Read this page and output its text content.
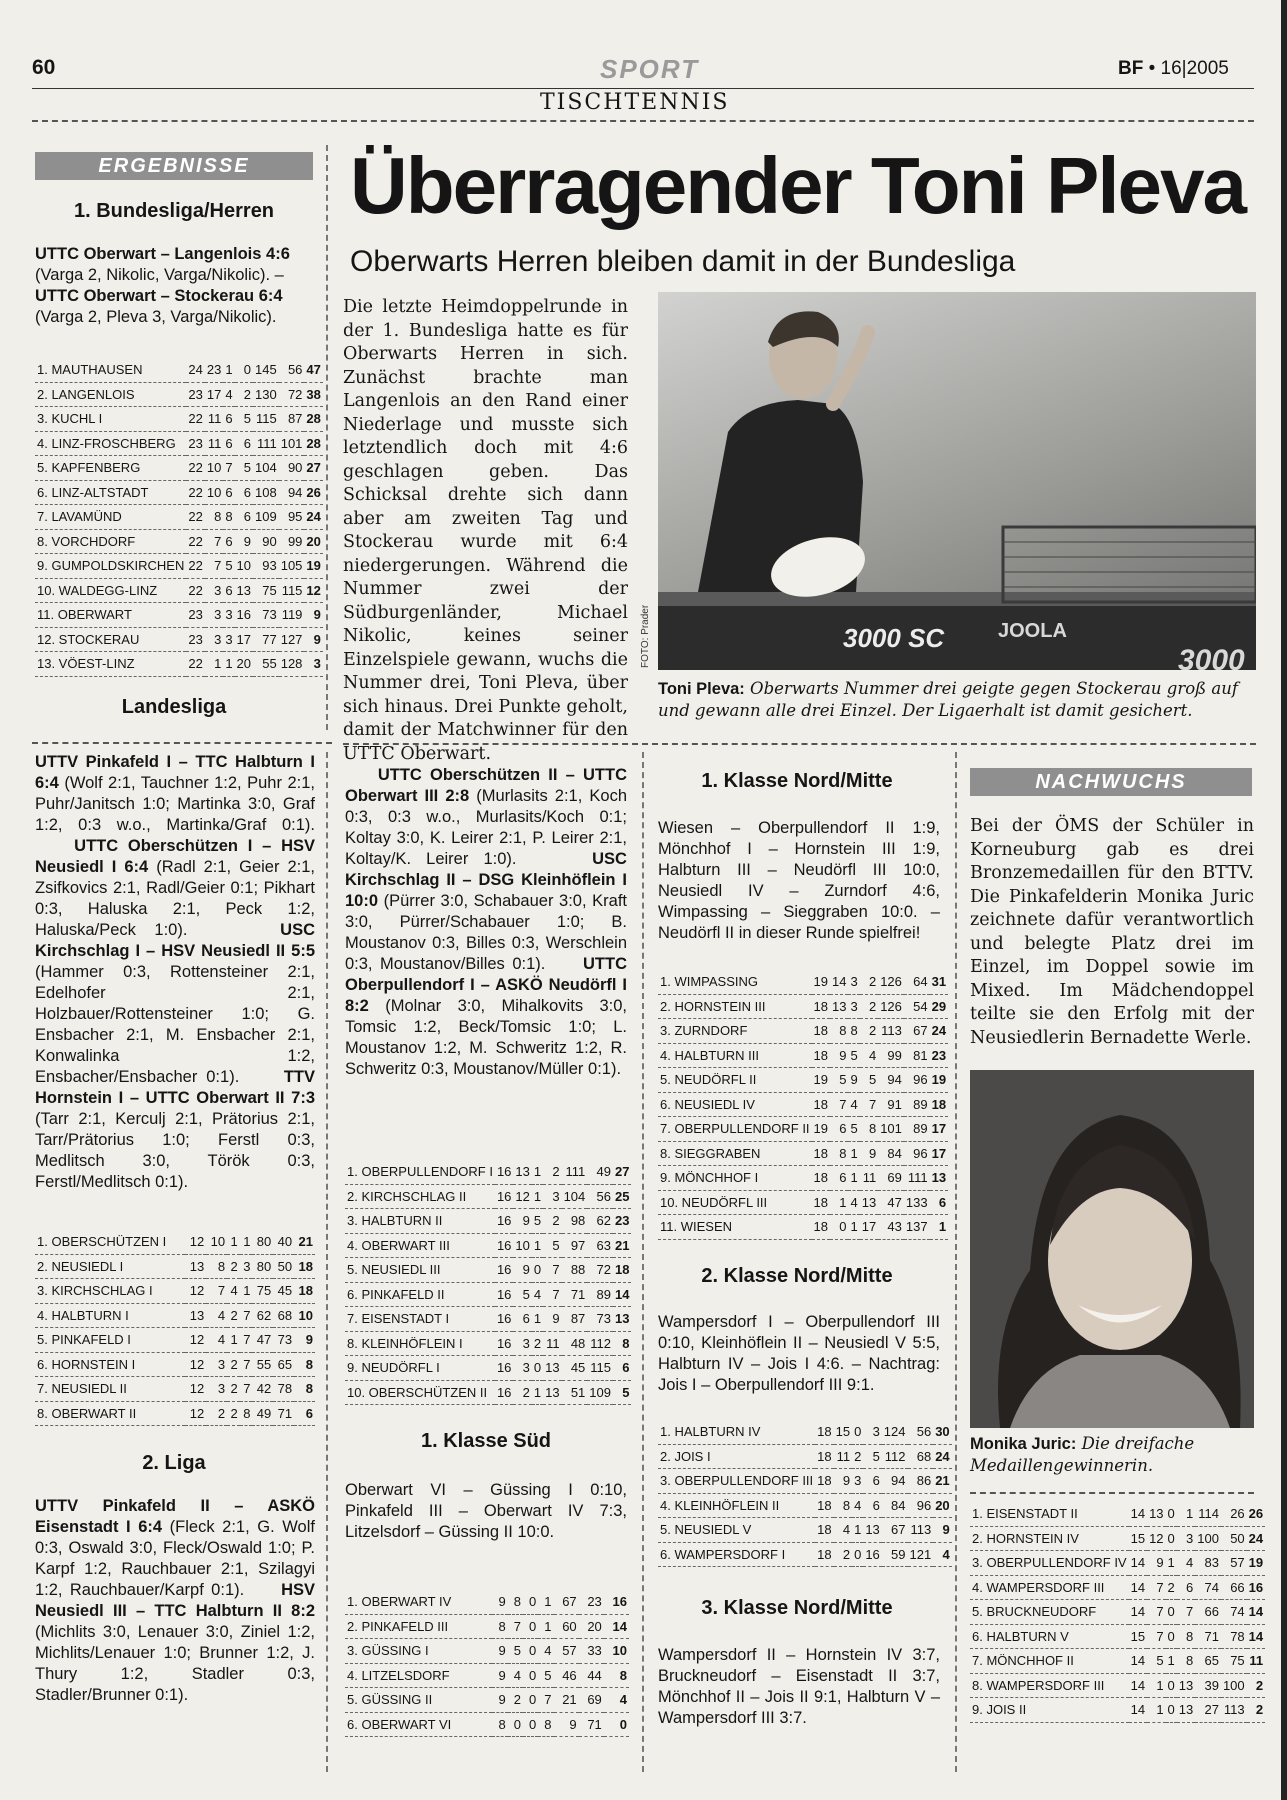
60	SPORT	BF • 16|2005
TISCHTENNIS
ERGEBNISSE
1. Bundesliga/Herren
UTTC Oberwart – Langenlois 4:6 (Varga 2, Nikolic, Varga/Nikolic). – UTTC Oberwart – Stockerau 6:4 (Varga 2, Pleva 3, Varga/Nikolic).
1. MAUTHAUSEN	24	23	1	0	145	56	47
2. LANGENLOIS	23	17	4	2	130	72	38
3. KUCHL I	22	11	6	5	115	87	28
4. LINZ-FROSCHBERG	23	11	6	6	111	101	28
5. KAPFENBERG	22	10	7	5	104	90	27
6. LINZ-ALTSTADT	22	10	6	6	108	94	26
7. LAVAMÜND	22	8	8	6	109	95	24
8. VORCHDORF	22	7	6	9	90	99	20
9. GUMPOLDSKIRCHEN	22	7	5	10	93	105	19
10. WALDEGG-LINZ	22	3	6	13	75	115	12
11. OBERWART	23	3	3	16	73	119	9
12. STOCKERAU	23	3	3	17	77	127	9
13. VÖEST-LINZ	22	1	1	20	55	128	3
Landesliga
UTTV Pinkafeld I – TTC Halbturn I 6:4 (Wolf 2:1, Tauchner 1:2, Puhr 2:1, Puhr/Janitsch 1:0; Martinka 3:0, Graf 1:2, 0:3 w.o., Martinka/Graf 0:1).     UTTC Oberschützen I – HSV Neusiedl I 6:4 (Radl 2:1, Geier 2:1, Zsifkovics 2:1, Radl/Geier 0:1; Pikhart 0:3, Haluska 2:1, Peck 1:2, Haluska/Peck 1:0).     USC Kirchschlag I – HSV Neusiedl II 5:5 (Hammer 0:3, Rottensteiner 2:1, Edelhofer 2:1, Holzbauer/Rottensteiner 1:0; G. Ensbacher 2:1, M. Ensbacher 2:1, Konwalinka 1:2, Ensbacher/Ensbacher 0:1).     TTV Hornstein I – UTTC Oberwart II 7:3 (Tarr 2:1, Kerculj 2:1, Prätorius 2:1, Tarr/Prätorius 1:0; Ferstl 0:3, Medlitsch 3:0, Török 0:3, Ferstl/Medlitsch 0:1).
1. OBERSCHÜTZEN I	12	10	1	1	80	40	21
2. NEUSIEDL I	13	8	2	3	80	50	18
3. KIRCHSCHLAG I	12	7	4	1	75	45	18
4. HALBTURN I	13	4	2	7	62	68	10
5. PINKAFELD I	12	4	1	7	47	73	9
6. HORNSTEIN I	12	3	2	7	55	65	8
7. NEUSIEDL II	12	3	2	7	42	78	8
8. OBERWART II	12	2	2	8	49	71	6
2. Liga
UTTV Pinkafeld II – ASKÖ Eisenstadt I 6:4 (Fleck 2:1, G. Wolf 0:3, Oswald 3:0, Fleck/Oswald 1:0; P. Karpf 1:2, Rauchbauer 2:1, Szilagyi 1:2, Rauchbauer/Karpf 0:1).     HSV Neusiedl III – TTC Halbturn II 8:2 (Michlits 3:0, Lenauer 3:0, Ziniel 1:2, Michlits/Lenauer 1:0; Brunner 1:2, J. Thury 1:2, Stadler 0:3, Stadler/Brunner 0:1).
Überragender Toni Pleva
Oberwarts Herren bleiben damit in der Bundesliga
Die letzte Heimdoppelrunde in der 1. Bundesliga hatte es für Oberwarts Herren in sich. Zunächst brachte man Langenlois an den Rand einer Niederlage und musste sich letztendlich doch mit 4:6 geschlagen geben. Das Schicksal drehte sich dann aber am zweiten Tag und Stockerau wurde mit 6:4 niedergerungen. Während die Nummer zwei der Südburgenländer, Michael Nikolic, keines seiner Einzelspiele gewann, wuchs die Nummer drei, Toni Pleva, über sich hinaus. Drei Punkte geholt, damit der Matchwinner für den UTTC Oberwart.
3000 SC	JOOLA
3000
FOTO: Prader
Toni Pleva: Oberwarts Nummer drei geigte gegen Stockerau groß auf und gewann alle drei Einzel. Der Ligaerhalt ist damit gesichert.
UTTC Oberschützen II – UTTC Oberwart III 2:8 (Murlasits 2:1, Koch 0:3, 0:3 w.o., Murlasits/Koch 0:1; Koltay 3:0, K. Leirer 2:1, P. Leirer 2:1, Koltay/K. Leirer 1:0).     USC Kirchschlag II – DSG Kleinhöflein I 10:0 (Pürrer 3:0, Schabauer 3:0, Kraft 3:0, Pürrer/Schabauer 1:0; B. Moustanov 0:3, Billes 0:3, Werschlein 0:3, Moustanov/Billes 0:1).     UTTC Oberpullendorf I – ASKÖ Neudörfl I 8:2 (Molnar 3:0, Mihalkovits 3:0, Tomsic 1:2, Beck/Tomsic 1:0; L. Moustanov 1:2, M. Schweritz 1:2, R. Schweritz 0:3, Moustanov/Müller 0:1).
1. OBERPULLENDORF I	16	13	1	2	111	49	27
2. KIRCHSCHLAG II	16	12	1	3	104	56	25
3. HALBTURN II	16	9	5	2	98	62	23
4. OBERWART III	16	10	1	5	97	63	21
5. NEUSIEDL III	16	9	0	7	88	72	18
6. PINKAFELD II	16	5	4	7	71	89	14
7. EISENSTADT I	16	6	1	9	87	73	13
8. KLEINHÖFLEIN I	16	3	2	11	48	112	8
9. NEUDÖRFL I	16	3	0	13	45	115	6
10. OBERSCHÜTZEN II	16	2	1	13	51	109	5
1. Klasse Süd
Oberwart VI – Güssing I 0:10, Pinkafeld III – Oberwart IV 7:3, Litzelsdorf – Güssing II 10:0.
1. OBERWART IV	9	8	0	1	67	23	16
2. PINKAFELD III	8	7	0	1	60	20	14
3. GÜSSING I	9	5	0	4	57	33	10
4. LITZELSDORF	9	4	0	5	46	44	8
5. GÜSSING II	9	2	0	7	21	69	4
6. OBERWART VI	8	0	0	8	9	71	0
1. Klasse Nord/Mitte
Wiesen – Oberpullendorf II 1:9, Mönchhof I – Hornstein III 1:9, Halbturn III – Neudörfl III 10:0, Neusiedl IV – Zurndorf 4:6, Wimpassing – Sieggraben 10:0. – Neudörfl II in dieser Runde spielfrei!
1. WIMPASSING	19	14	3	2	126	64	31
2. HORNSTEIN III	18	13	3	2	126	54	29
3. ZURNDORF	18	8	8	2	113	67	24
4. HALBTURN III	18	9	5	4	99	81	23
5. NEUDÖRFL II	19	5	9	5	94	96	19
6. NEUSIEDL IV	18	7	4	7	91	89	18
7. OBERPULLENDORF II	19	6	5	8	101	89	17
8. SIEGGRABEN	18	8	1	9	84	96	17
9. MÖNCHHOF I	18	6	1	11	69	111	13
10. NEUDÖRFL III	18	1	4	13	47	133	6
11. WIESEN	18	0	1	17	43	137	1
2. Klasse Nord/Mitte
Wampersdorf I – Oberpullendorf III 0:10, Kleinhöflein II – Neusiedl V 5:5, Halbturn IV – Jois I 4:6. – Nachtrag: Jois I – Oberpullendorf III 9:1.
1. HALBTURN IV	18	15	0	3	124	56	30
2. JOIS I	18	11	2	5	112	68	24
3. OBERPULLENDORF III	18	9	3	6	94	86	21
4. KLEINHÖFLEIN II	18	8	4	6	84	96	20
5. NEUSIEDL V	18	4	1	13	67	113	9
6. WAMPERSDORF I	18	2	0	16	59	121	4
3. Klasse Nord/Mitte
Wampersdorf II – Hornstein IV 3:7, Bruckneudorf – Eisenstadt II 3:7, Mönchhof II – Jois II 9:1, Halbturn V – Wampersdorf III 3:7.
NACHWUCHS
Bei der ÖMS der Schüler in Korneuburg gab es drei Bronzemedaillen für den BTTV. Die Pinkafelderin Monika Juric zeichnete dafür verantwortlich und belegte Platz drei im Einzel, im Doppel sowie im Mixed. Im Mädchendoppel teilte sie den Erfolg mit der Neusiedlerin Bernadette Werle.
Monika Juric: Die dreifache Medaillengewinnerin.
1. EISENSTADT II	14	13	0	1	114	26	26
2. HORNSTEIN IV	15	12	0	3	100	50	24
3. OBERPULLENDORF IV	14	9	1	4	83	57	19
4. WAMPERSDORF III	14	7	2	6	74	66	16
5. BRUCKNEUDORF	14	7	0	7	66	74	14
6. HALBTURN V	15	7	0	8	71	78	14
7. MÖNCHHOF II	14	5	1	8	65	75	11
8. WAMPERSDORF III	14	1	0	13	39	100	2
9. JOIS II	14	1	0	13	27	113	2
